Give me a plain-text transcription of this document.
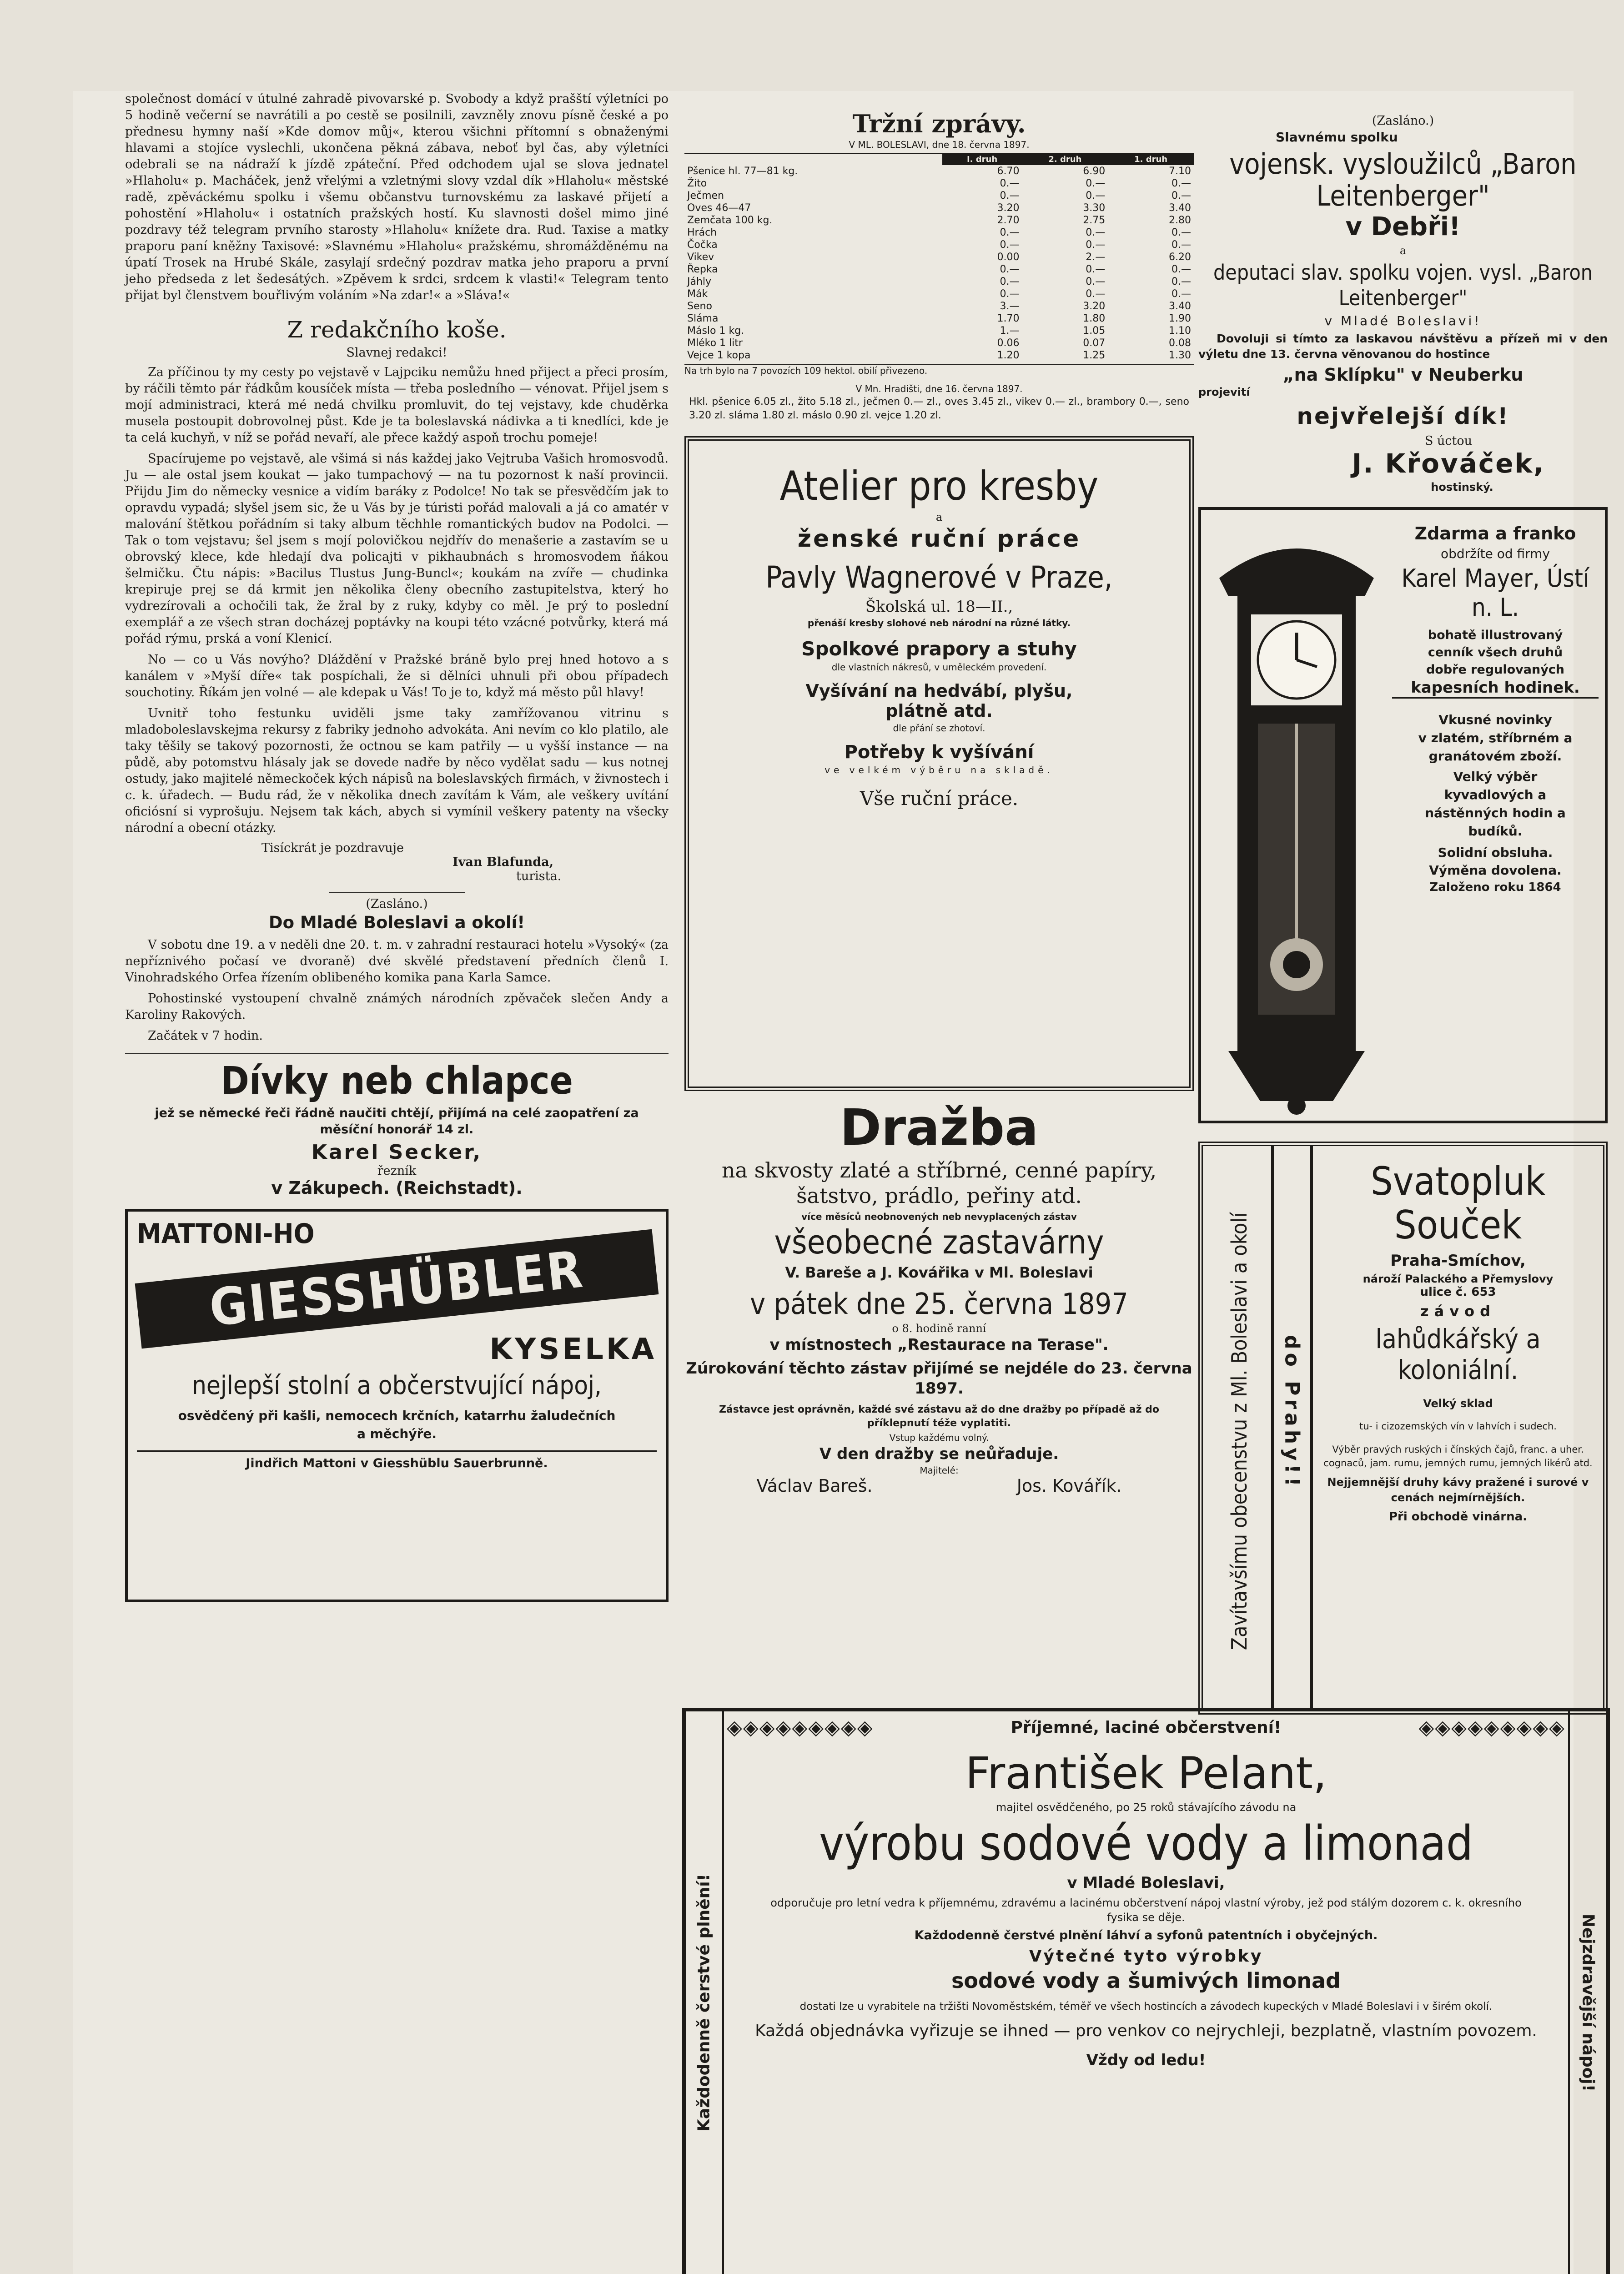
společnost domácí v útulné zahradě pivovarské p. Svobody a když prašští výletníci po 5 hodině večerní se navrátili a po cestě se posilnili, zavzněly znovu písně české a po přednesu hymny naší »Kde domov můj«, kterou všichni přítomní s obnaženými hlavami a stojíce vyslechli, ukončena pěkná zábava, neboť byl čas, aby výletníci odebrali se na nádraží k jízdě zpáteční. Před odchodem ujal se slova jednatel »Hlaholu« p. Macháček, jenž vřelými a vzletnými slovy vzdal dík »Hlaholu« městské radě, zpěváckému spolku i všemu občanstvu turnovskému za laskavé přijetí a pohostění »Hlaholu« i ostatních pražských hostí. Ku slavnosti došel mimo jiné pozdravy též telegram prvního starosty »Hlaholu« knížete dra. Rud. Taxise a matky praporu paní kněžny Taxisové: »Slavnému »Hlaholu« pražskému, shromážděnému na úpatí Trosek na Hrubé Skále, zasylají srdečný pozdrav matka jeho praporu a první jeho předseda z let šedesátých. »Zpěvem k srdci, srdcem k vlasti!« Telegram tento přijat byl členstvem bouřlivým voláním »Na zdar!« a »Sláva!«

Z redakčního koše.

Slavnej redakci!

Za příčinou ty my cesty po vejstavě v Lajpciku nemůžu hned přiject a přeci prosím, by ráčili těmto pár řádkům kousíček místa — třeba posledního — vénovat. Přijel jsem s mojí administraci, která mé nedá chvilku promluvit, do tej vejstavy, kde chuděrka musela postoupit dobrovolnej půst. Kde je ta boleslavská nádivka a ti knedlíci, kde je ta celá kuchyň, v níž se pořád nevaří, ale přece každý aspoň trochu pomeje!

Spacírujeme po vejstavě, ale všimá si nás každej jako Vejtruba Vašich hromosvodů. Ju — ale ostal jsem koukat — jako tumpachový — na tu pozornost k naší provincii. Přijdu Jim do německy vesnice a vidím baráky z Podolce! No tak se přesvědčím jak to opravdu vypadá; slyšel jsem sic, že u Vás by je túristi pořád malovali a já co amatér v malování štětkou pořádním si taky album těchhle romantických budov na Podolci. — Tak o tom vejstavu; šel jsem s mojí polovičkou nejdřív do menašerie a zastavím se u obrovský klece, kde hledají dva policajti v pikhaubnách s hromosvodem ňákou šelmičku. Čtu nápis: »Bacilus Tlustus Jung-Buncl«; koukám na zvíře — chudinka krepiruje prej se dá krmit jen několika členy obecního zastupitelstva, který ho vydrezírovali a ochočili tak, že žral by z ruky, kdyby co měl. Je prý to poslední exemplář a ze všech stran docházej poptávky na koupi této vzácné potvůrky, která má pořád rýmu, prská a voní Klenicí.

No — co u Vás novýho? Dláždění v Pražské bráně bylo prej hned hotovo a s kanálem v »Myší díře« tak pospíchali, že si dělníci uhnuli při obou případech souchotiny. Říkám jen volné — ale kdepak u Vás! To je to, když má město půl hlavy!

Uvnitř toho festunku uviděli jsme taky zamřížovanou vitrinu s mladoboleslavskejma rekursy z fabriky jednoho advokáta. Ani nevím co klo platilo, ale taky těšily se takový pozornosti, že octnou se kam patřily — u vyšší instance — na půdě, aby potomstvu hlásaly jak se dovede nadře by něco vydělat sadu — kus notnej ostudy, jako majitelé německoček kých nápisů na boleslavských firmách, v živnostech i c. k. úřadech. — Budu rád, že v několika dnech zavítám k Vám, ale veškery uvítání oficiósní si vyprošuju. Nejsem tak kách, abych si vymínil veškery patenty na všecky národní a obecní otázky.

Tisíckrát je pozdravuje

Ivan Blafunda,

turista.

(Zasláno.)

Do Mladé Boleslavi a okolí!

V sobotu dne 19. a v neděli dne 20. t. m. v zahradní restauraci hotelu »Vysoký« (za nepříznivého počasí ve dvoraně) dvé skvělé představení předních členů I. Vinohradského Orfea řízením oblibeného komika pana Karla Samce.

Pohostinské vystoupení chvalně známých národních zpěvaček slečen Andy a Karoliny Rakových.

Začátek v 7 hodin.

Dívky neb chlapce

jež se německé řeči řádně naučiti chtějí, přijímá na celé zaopatření za měsíční honorář 14 zl.

Karel Secker,

řezník

v Zákupech. (Reichstadt).

MATTONI-HO

GIESSHÜBLER

KYSELKA

nejlepší stolní a občerstvující nápoj,

osvědčený při kašli, nemocech krčních, katarrhu žaludečních a měchýře.

Jindřich Mattoni v Giesshüblu Sauerbrunně.

Tržní zprávy.

V ML. BOLESLAVI, dne 18. června 1897.

	I. druh	2. druh	1. druh
Pšenice hl. 77—81 kg.	6.70	6.90	7.10
Žito	0.—	0.—	0.—
Ječmen	0.—	0.—	0.—
Oves 46—47	3.20	3.30	3.40
Zemčata 100 kg.	2.70	2.75	2.80
Hrách	0.—	0.—	0.—
Čočka	0.—	0.—	0.—
Vikev	0.00	2.—	6.20
Řepka	0.—	0.—	0.—
Jáhly	0.—	0.—	0.—
Mák	0.—	0.—	0.—
Seno	3.—	3.20	3.40
Sláma	1.70	1.80	1.90
Máslo 1 kg.	1.—	1.05	1.10
Mléko 1 litr	0.06	0.07	0.08
Vejce 1 kopa	1.20	1.25	1.30

Na trh bylo na 7 povozích 109 hektol. obilí přivezeno.

V Mn. Hradišti, dne 16. června 1897.

Hkl. pšenice 6.05 zl., žito 5.18 zl., ječmen 0.— zl., oves 3.45 zl., vikev 0.— zl., brambory 0.—, seno 3.20 zl. sláma 1.80 zl. máslo 0.90 zl. vejce 1.20 zl.

Atelier pro kresby

a

ženské ruční práce

Pavly Wagnerové v Praze,

Školská ul. 18—II.,

přenáší kresby slohové neb národní na různé látky.

Spolkové prapory a stuhy

dle vlastních nákresů, v uměleckém provedení.

Vyšívání na hedvábí, plyšu,

plátně atd.

dle přání se zhotoví.

Potřeby k vyšívání

ve velkém výběru na skladě.

Vše ruční práce.

Dražba

na skvosty zlaté a stříbrné, cenné papíry, šatstvo, prádlo, peřiny atd.

více měsíců neobnovených neb nevyplacených zástav

všeobecné zastavárny

V. Bareše a J. Kovářika v Ml. Boleslavi

v pátek dne 25. června 1897

o 8. hodině ranní

v místnostech „Restaurace na Terase".

Zúrokování těchto zástav přijímé se nejdéle do 23. června 1897.

Zástavce jest oprávněn, každé své zástavu až do dne dražby po případě až do příklepnutí téže vyplatiti.

Vstup každému volný.

V den dražby se neůřaduje.

Majitelé:

Václav Bareš.	Jos. Kovářík.

(Zasláno.)

Slavnému spolku

vojensk. vysloužilců „Baron Leitenberger"

v Debři!

a

deputaci slav. spolku vojen. vysl. „Baron Leitenberger"

v Mladé Boleslavi!

Dovoluji si tímto za laskavou návštěvu a přízeň mi v den výletu dne 13. června věnovanou do hostince

„na Sklípku" v Neuberku

projevití

nejvřelejší dík!

S úctou

J. Křováček,

hostinský.

Zdarma a franko

obdržíte od firmy

Karel Mayer, Ústí n. L.

bohatě illustrovaný

cenník všech druhů

dobře regulovaných

kapesních hodinek.

Vkusné novinky

v zlatém, stříbrném a granátovém zboží.

Velký výběr

kyvadlových a nástěnných hodin a budíků.

Solidní obsluha.

Výměna dovolena.

Založeno roku 1864

Zavítavšímu obecenstvu z Ml. Boleslavi a okolí do Prahy!!

Svatopluk Souček

Praha-Smíchov,

nároží Palackého a Přemyslovy

ulice č. 653

závod

lahůdkářský a koloniální.

Velký sklad

tu- i cizozemských vín v lahvích i sudech.

Výběr pravých ruských i čínských čajů, franc. a uher. cognaců, jam. rumu, jemných rumu, jemných likérů atd.

Nejjemnější druhy kávy pražené i surové v cenách nejmírnějších.

Při obchodě vinárna.

Každodenně čerstvé plnění!	Nejzdravější nápoj!
◈◈◈◈◈◈◈◈◈	Příjemné, laciné občerstvení!	◈◈◈◈◈◈◈◈◈

František Pelant,

majitel osvědčeného, po 25 roků stávajícího závodu na

výrobu sodové vody a limonad

v Mladé Boleslavi,

odporučuje pro letní vedra k příjemnému, zdravému a lacinému občerstvení nápoj vlastní výroby, jež pod stálým dozorem c. k. okresního fysika se děje.

Každodenně čerstvé plnění láhví a syfonů patentních i obyčejných.

Výtečné tyto výrobky

sodové vody a šumivých limonad

dostati lze u vyrabitele na tržišti Novoměstském, téměř ve všech hostincích a závodech kupeckých v Mladé Boleslavi i v širém okolí.

Každá objednávka vyřizuje se ihned — pro venkov co nejrychleji, bezplatně, vlastním povozem.

Vždy od ledu!
